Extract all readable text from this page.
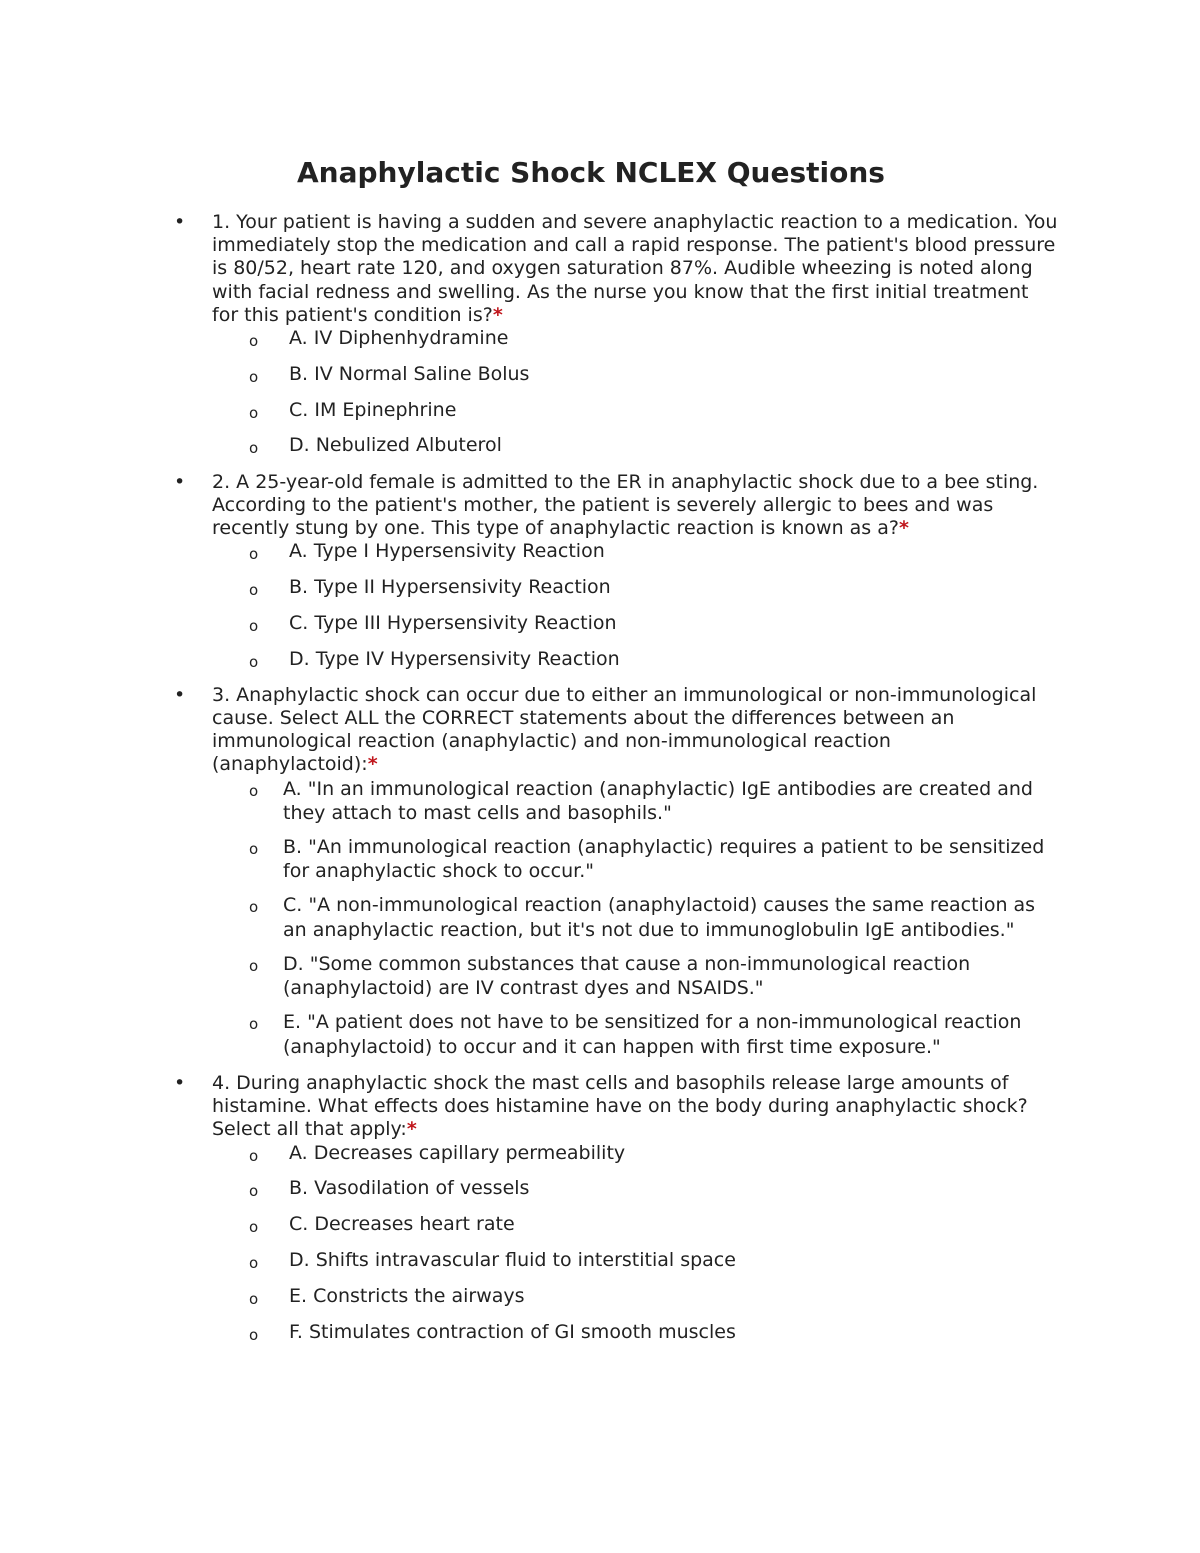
Anaphylactic Shock NCLEX Questions
• 1. Your patient is having a sudden and severe anaphylactic reaction to a medication. You immediately stop the medication and call a rapid response. The patient's blood pressure is 80/52, heart rate 120, and oxygen saturation 87%. Audible wheezing is noted along with facial redness and swelling. As the nurse you know that the first initial treatment for this patient's condition is?*
o A. IV Diphenhydramine
o B. IV Normal Saline Bolus
o C. IM Epinephrine
o D. Nebulized Albuterol
• 2. A 25-year-old female is admitted to the ER in anaphylactic shock due to a bee sting. According to the patient's mother, the patient is severely allergic to bees and was recently stung by one. This type of anaphylactic reaction is known as a?*
o A. Type I Hypersensivity Reaction
o B. Type II Hypersensivity Reaction
o C. Type III Hypersensivity Reaction
o D. Type IV Hypersensivity Reaction
• 3. Anaphylactic shock can occur due to either an immunological or non-immunological cause. Select ALL the CORRECT statements about the differences between an immunological reaction (anaphylactic) and non-immunological reaction (anaphylactoid):*
o A. "In an immunological reaction (anaphylactic) IgE antibodies are created and they attach to mast cells and basophils."
o B. "An immunological reaction (anaphylactic) requires a patient to be sensitized for anaphylactic shock to occur."
o C. "A non-immunological reaction (anaphylactoid) causes the same reaction as an anaphylactic reaction, but it's not due to immunoglobulin IgE antibodies."
o D. "Some common substances that cause a non-immunological reaction (anaphylactoid) are IV contrast dyes and NSAIDS."
o E. "A patient does not have to be sensitized for a non-immunological reaction (anaphylactoid) to occur and it can happen with first time exposure."
• 4. During anaphylactic shock the mast cells and basophils release large amounts of histamine. What effects does histamine have on the body during anaphylactic shock? Select all that apply:*
o A. Decreases capillary permeability
o B. Vasodilation of vessels
o C. Decreases heart rate
o D. Shifts intravascular fluid to interstitial space
o E. Constricts the airways
o F. Stimulates contraction of GI smooth muscles
